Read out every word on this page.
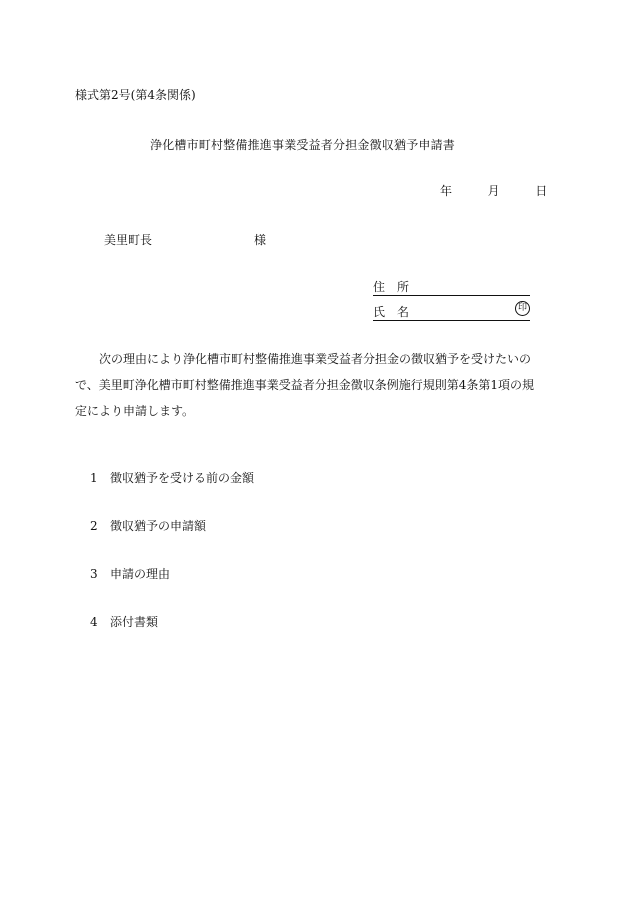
様式第2号(第4条関係)
浄化槽市町村整備推進事業受益者分担金徴収猶予申請書
年	月	日
美里町長	様
住所
氏名	印
次の理由により浄化槽市町村整備推進事業受益者分担金の徴収猶予を受けたいので、美里町浄化槽市町村整備推進事業受益者分担金徴収条例施行規則第4条第1項の規定により申請します。
1 徴収猶予を受ける前の金額
2 徴収猶予の申請額
3 申請の理由
4 添付書類
